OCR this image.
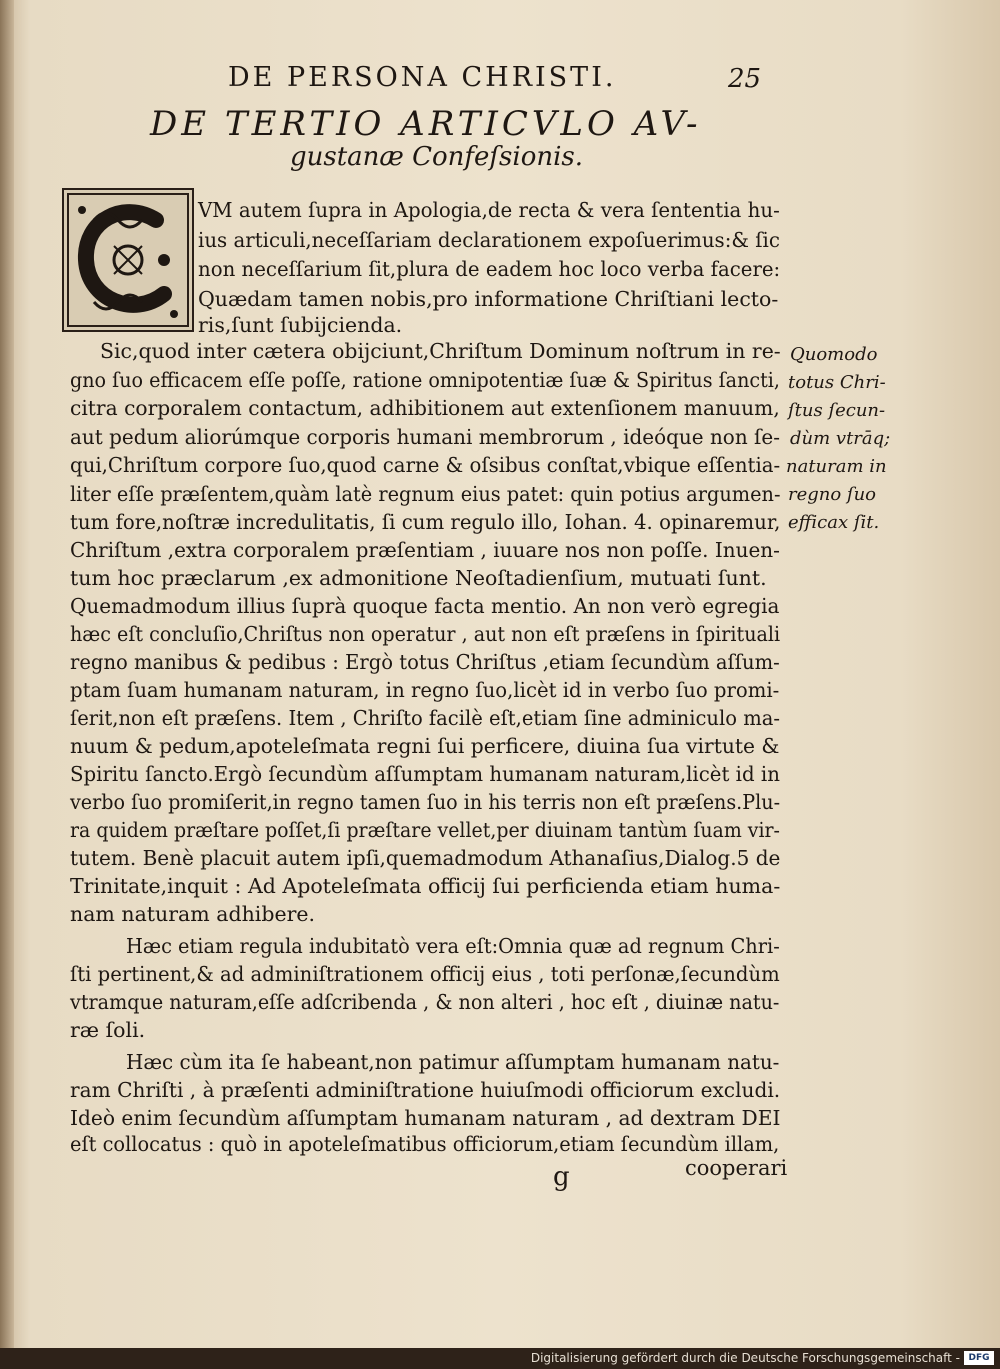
DE PERSONA CHRISTI.	25
DE TERTIO ARTICVLO AV-
gustanæ Confeſsionis.
VM autem ſupra in Apologia,de recta & vera ſententia hu-
ius articuli,neceſſariam declarationem expoſuerimus:& ſic
non neceſſarium ſit,plura de eadem hoc loco verba facere:
Quædam tamen nobis,pro informatione Chriſtiani lecto-
ris,ſunt ſubijcienda.
Sic,quod inter cætera obijciunt,Chriſtum Dominum noſtrum in re-
gno ſuo efficacem eſſe poſſe, ratione omnipotentiæ ſuæ & Spiritus ſancti,
citra corporalem contactum, adhibitionem aut extenſionem manuum,
aut pedum aliorúmque corporis humani membrorum , ideóque non ſe-
qui,Chriſtum corpore ſuo,quod carne & oſsibus conſtat,vbique eſſentia-
liter eſſe præſentem,quàm latè regnum eius patet: quin potius argumen-
tum fore,noſtræ incredulitatis, ſi cum regulo illo, Iohan. 4. opinaremur,
Chriſtum ,extra corporalem præſentiam , iuuare nos non poſſe. Inuen-
tum hoc præclarum ,ex admonitione Neoſtadienſium, mutuati ſunt.
Quemadmodum illius ſuprà quoque facta mentio. An non verò egregia
hæc eſt concluſio,Chriſtus non operatur , aut non eſt præſens in ſpirituali
regno manibus & pedibus : Ergò totus Chriſtus ,etiam ſecundùm aſſum-
ptam ſuam humanam naturam, in regno ſuo,licèt id in verbo ſuo promi-
ſerit,non eſt præſens. Item , Chriſto facilè eſt,etiam ſine adminiculo ma-
nuum & pedum,apoteleſmata regni ſui perficere, diuina ſua virtute &
Spiritu ſancto.Ergò ſecundùm aſſumptam humanam naturam,licèt id in
verbo ſuo promiſerit,in regno tamen ſuo in his terris non eſt præſens.Plu-
ra quidem præſtare poſſet,ſi præſtare vellet,per diuinam tantùm ſuam vir-
tutem. Benè placuit autem ipſi,quemadmodum Athanaſius,Dialog.5 de
Trinitate,inquit : Ad Apoteleſmata officij ſui perficienda etiam huma-
nam naturam adhibere.
Hæc etiam regula indubitatò vera eſt:Omnia quæ ad regnum Chri-
ſti pertinent,& ad adminiſtrationem officij eius , toti perſonæ,ſecundùm
vtramque naturam,eſſe adſcribenda , & non alteri , hoc eſt , diuinæ natu-
ræ ſoli.
Hæc cùm ita ſe habeant,non patimur aſſumptam humanam natu-
ram Chriſti , à præſenti adminiſtratione huiuſmodi officiorum excludi.
Ideò enim ſecundùm aſſumptam humanam naturam , ad dextram DEI
eſt collocatus : quò in apoteleſmatibus officiorum,etiam ſecundùm illam,
Quomodo
totus Chri-
ſtus ſecun-
dùm vtrāq;
naturam in
regno ſuo
efficax ſit.
g	cooperari
Digitalisierung gefördert durch die Deutsche Forschungsgemeinschaft - DFG
